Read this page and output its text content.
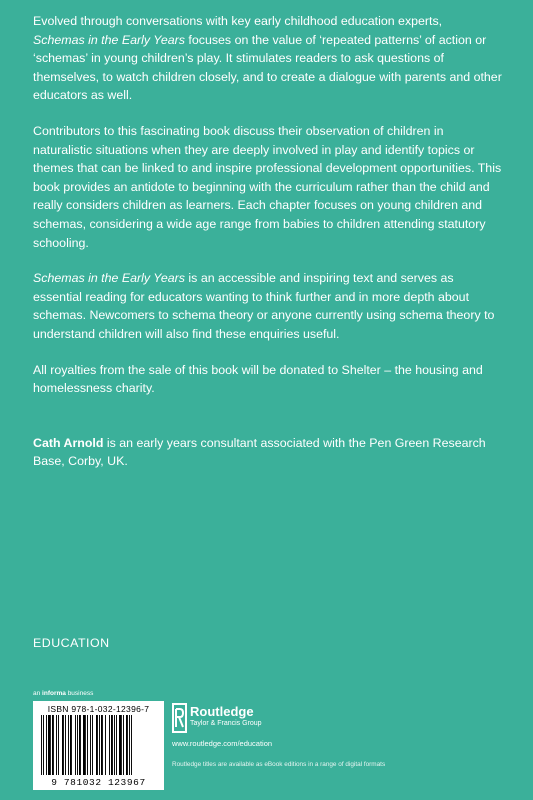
Evolved through conversations with key early childhood education experts,
Schemas in the Early Years focuses on the value of ‘repeated patterns’ of action or ‘schemas’ in young children’s play. It stimulates readers to ask questions of themselves, to watch children closely, and to create a dialogue with parents and other educators as well.

Contributors to this fascinating book discuss their observation of children in naturalistic situations when they are deeply involved in play and identify topics or themes that can be linked to and inspire professional development opportunities. This book provides an antidote to beginning with the curriculum rather than the child and really considers children as learners. Each chapter focuses on young children and schemas, considering a wide age range from babies to children attending statutory schooling.

Schemas in the Early Years is an accessible and inspiring text and serves as essential reading for educators wanting to think further and in more depth about schemas. Newcomers to schema theory or anyone currently using schema theory to understand children will also find these enquiries useful.

All royalties from the sale of this book will be donated to Shelter – the housing and homelessness charity.

Cath Arnold is an early years consultant associated with the Pen Green Research Base, Corby, UK.

EDUCATION
an informa business
ISBN 978-1-032-12396-7
9 781032 123967
Routledge
Taylor & Francis Group
www.routledge.com/education
Routledge titles are available as eBook editions in a range of digital formats
